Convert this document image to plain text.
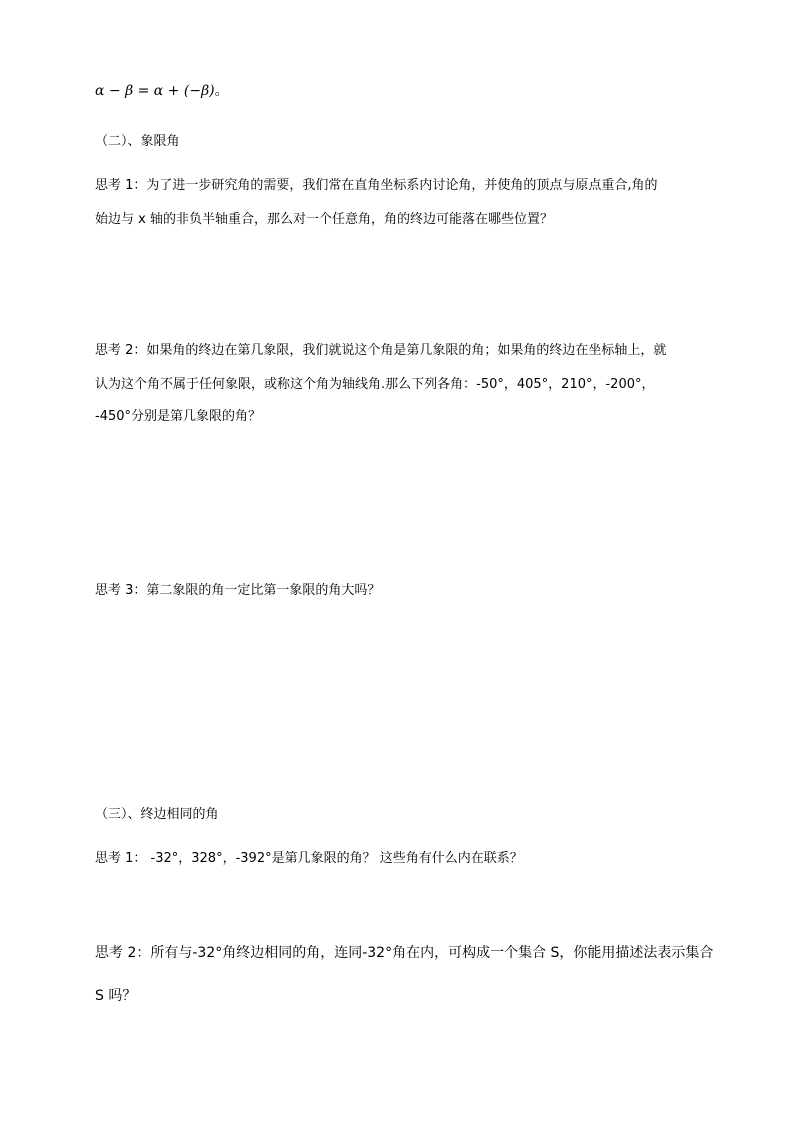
α − β = α + (−β)。
（二）、象限角
思考 1：为了进一步研究角的需要，我们常在直角坐标系内讨论角，并使角的顶点与原点重合,角的
始边与 x 轴的非负半轴重合，那么对一个任意角，角的终边可能落在哪些位置？
思考 2：如果角的终边在第几象限，我们就说这个角是第几象限的角；如果角的终边在坐标轴上，就
认为这个角不属于任何象限，或称这个角为轴线角.那么下列各角：-50°，405°，210°，-200°，
-450°分别是第几象限的角？
思考 3：第二象限的角一定比第一象限的角大吗？
（三）、终边相同的角
思考 1： -32°，328°，-392°是第几象限的角？ 这些角有什么内在联系？
思考 2：所有与-32°角终边相同的角，连同-32°角在内，可构成一个集合 S，你能用描述法表示集合
S 吗？
